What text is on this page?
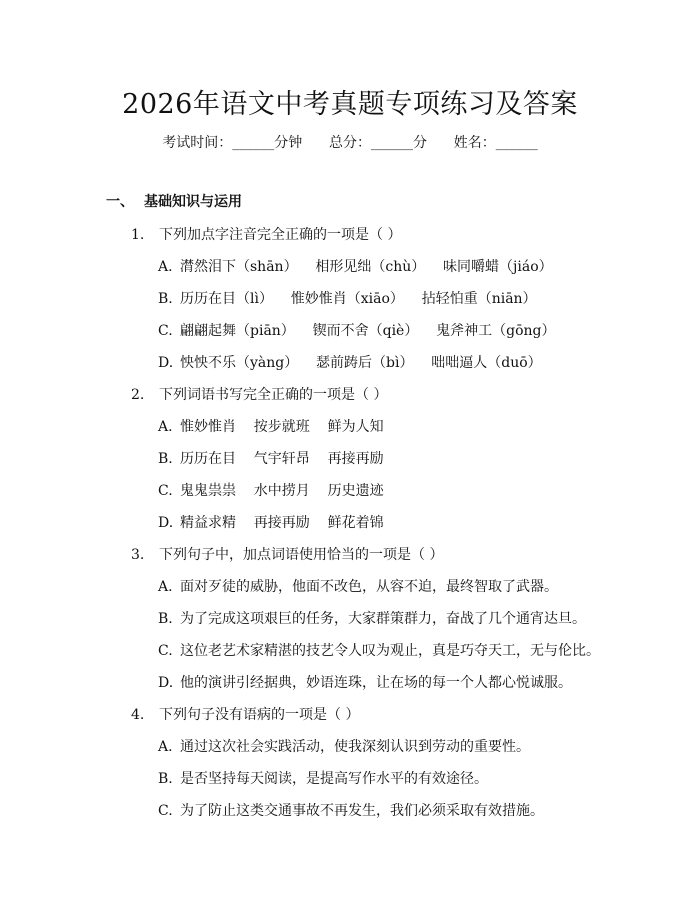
2026年语文中考真题专项练习及答案
考试时间：______分钟 总分：______分 姓名：______
一、 基础知识与运用
1. 下列加点字注音完全正确的一项是（ ）
A. 潸然泪下（shān）    相形见绌（chù）    味同嚼蜡（jiáo）
B. 历历在目（lì）    惟妙惟肖（xiāo）    拈轻怕重（niān）
C. 翩翩起舞（piān）    锲而不舍（qiè）    鬼斧神工（gōng）
D. 怏怏不乐（yàng）    瑟前踌后（bì）    咄咄逼人（duō）
2. 下列词语书写完全正确的一项是（ ）
A. 惟妙惟肖    按步就班    鲜为人知
B. 历历在目    气宇轩昂    再接再励
C. 鬼鬼祟祟    水中捞月    历史遗迹
D. 精益求精    再接再励    鲜花着锦
3. 下列句子中，加点词语使用恰当的一项是（ ）
A. 面对歹徒的威胁，他面不改色，从容不迫，最终智取了武器。
B. 为了完成这项艰巨的任务，大家群策群力，奋战了几个通宵达旦。
C. 这位老艺术家精湛的技艺令人叹为观止，真是巧夺天工，无与伦比。
D. 他的演讲引经据典，妙语连珠，让在场的每一个人都心悦诚服。
4. 下列句子没有语病的一项是（ ）
A. 通过这次社会实践活动，使我深刻认识到劳动的重要性。
B. 是否坚持每天阅读，是提高写作水平的有效途径。
C. 为了防止这类交通事故不再发生，我们必须采取有效措施。
